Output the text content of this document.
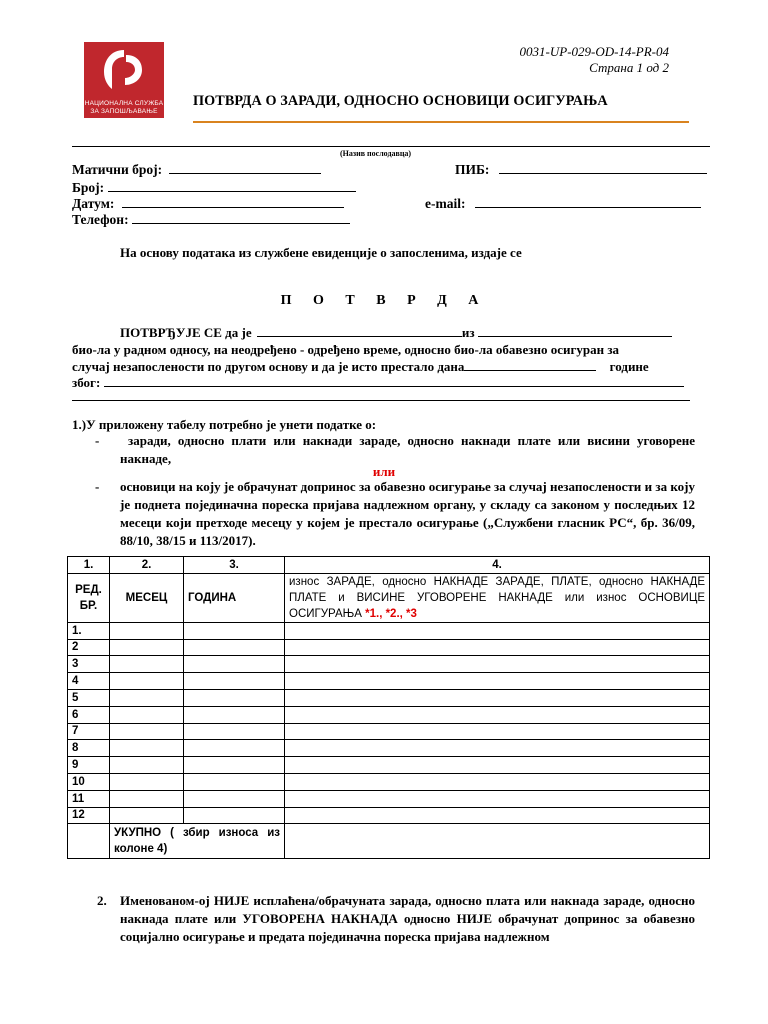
НАЦИОНАЛНА СЛУЖБА ЗА ЗАПОШЉАВАЊЕ
0031-UP-029-OD-14-PR-04
Страна 1 од 2
ПОТВРДА О ЗАРАДИ, ОДНОСНО ОСНОВИЦИ ОСИГУРАЊА
(Назив послодавца)
Матични број:	ПИБ:
Број:
Датум:	e-mail:
Телефон:
На основу података из службене евиденције о запосленима, издаје се
П О Т В Р Д А
ПОТВРЂУЈЕ СЕ да је	из
био-ла у радном односу, на неодређено - одређено време, односно био-ла обавезно осигуран за
случај незапослености по другом основу и да је исто престало дана	године
због:
1.)У приложену табелу потребно је унети податке о:
-	зaради, односно плати или накнади зараде, односно накнади плате или висини уговорене накнаде,
или
- основици на коју је обрачунат допринос за обавезно осигурање за случај незапослености и за коју је поднета појединачна пореска пријава надлежном органу, у складу са законом у последњих 12 месеци који претходе месецу у којем је престало осигурање („Службени гласник РС“, бр. 36/09, 88/10, 38/15 и 113/2017).
1.	2.	3.	4.
РЕД. БР.	МЕСЕЦ	ГОДИНА	износ ЗАРАДЕ, односно НАКНАДЕ ЗАРАДЕ, ПЛАТЕ, односно НАКНАДЕ ПЛАТЕ и ВИСИНЕ УГОВОРЕНЕ НАКНАДЕ или износ ОСНОВИЦЕ ОСИГУРАЊА *1., *2., *3
1.			
2			
3			
4			
5			
6			
7			
8			
9			
10			
11			
12			
	УКУПНО ( збир износа из колоне 4)		
2. Именованом-ој НИЈЕ исплаћена/обрачуната зарада, односно плата или накнада зараде, односно накнада плате или УГОВОРЕНА НАКНАДА односно НИЈЕ обрачунат допринос за обавезно социјално осигурање и предата појединачна пореска пријава надлежном
